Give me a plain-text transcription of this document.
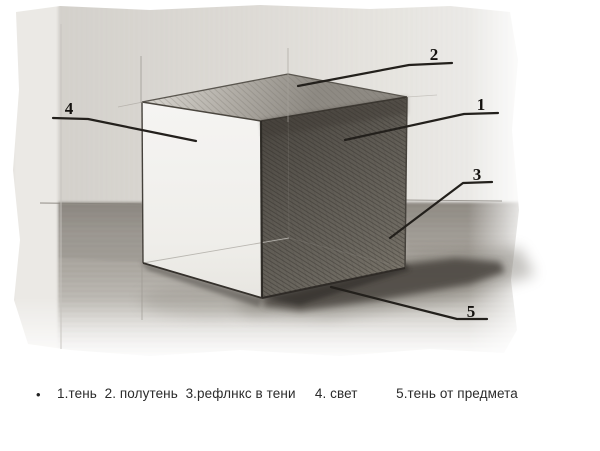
1
2
3
4
5
• 1.тень  2. полутень  3.рефлнкс в тени     4. свет          5.тень от предмета
